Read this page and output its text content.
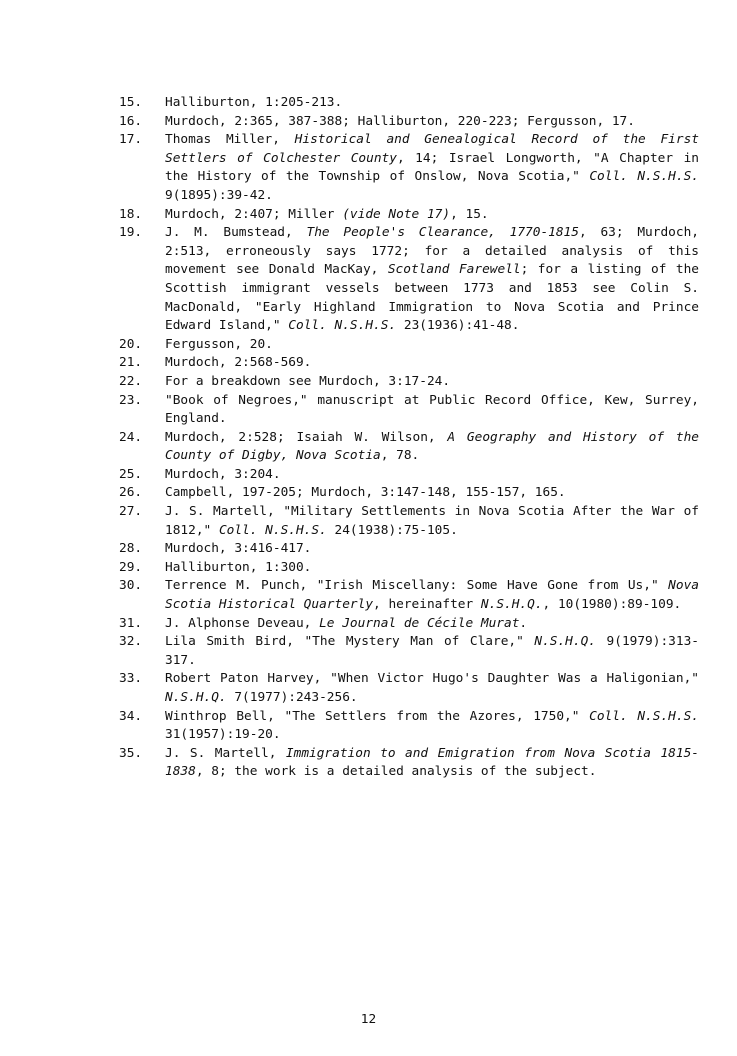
15.	Halliburton, 1:205-213.
16.	Murdoch, 2:365, 387-388; Halliburton, 220-223; Fergusson, 17.
17.	Thomas Miller, Historical and Genealogical Record of the First Settlers of Colchester County, 14; Israel Longworth, "A Chapter in the History of the Township of Onslow, Nova Scotia," Coll. N.S.H.S. 9(1895):39-42.
18.	Murdoch, 2:407; Miller (vide Note 17), 15.
19.	J. M. Bumstead, The People's Clearance, 1770-1815, 63; Murdoch, 2:513, erroneously says 1772; for a detailed analysis of this movement see Donald MacKay, Scotland Farewell; for a listing of the Scottish immigrant vessels between 1773 and 1853 see Colin S. MacDonald, "Early Highland Immigration to Nova Scotia and Prince Edward Island," Coll. N.S.H.S. 23(1936):41-48.
20.	Fergusson, 20.
21.	Murdoch, 2:568-569.
22.	For a breakdown see Murdoch, 3:17-24.
23.	"Book of Negroes," manuscript at Public Record Office, Kew, Surrey, England.
24.	Murdoch, 2:528; Isaiah W. Wilson, A Geography and History of the County of Digby, Nova Scotia, 78.
25.	Murdoch, 3:204.
26.	Campbell, 197-205; Murdoch, 3:147-148, 155-157, 165.
27.	J. S. Martell, "Military Settlements in Nova Scotia After the War of 1812," Coll. N.S.H.S. 24(1938):75-105.
28.	Murdoch, 3:416-417.
29.	Halliburton, 1:300.
30.	Terrence M. Punch, "Irish Miscellany: Some Have Gone from Us," Nova Scotia Historical Quarterly, hereinafter N.S.H.Q., 10(1980):89-109.
31.	J. Alphonse Deveau, Le Journal de Cécile Murat.
32.	Lila Smith Bird, "The Mystery Man of Clare," N.S.H.Q. 9(1979):313-317.
33.	Robert Paton Harvey, "When Victor Hugo's Daughter Was a Haligonian," N.S.H.Q. 7(1977):243-256.
34.	Winthrop Bell, "The Settlers from the Azores, 1750," Coll. N.S.H.S. 31(1957):19-20.
35.	J. S. Martell, Immigration to and Emigration from Nova Scotia 1815-1838, 8; the work is a detailed analysis of the subject.
12
